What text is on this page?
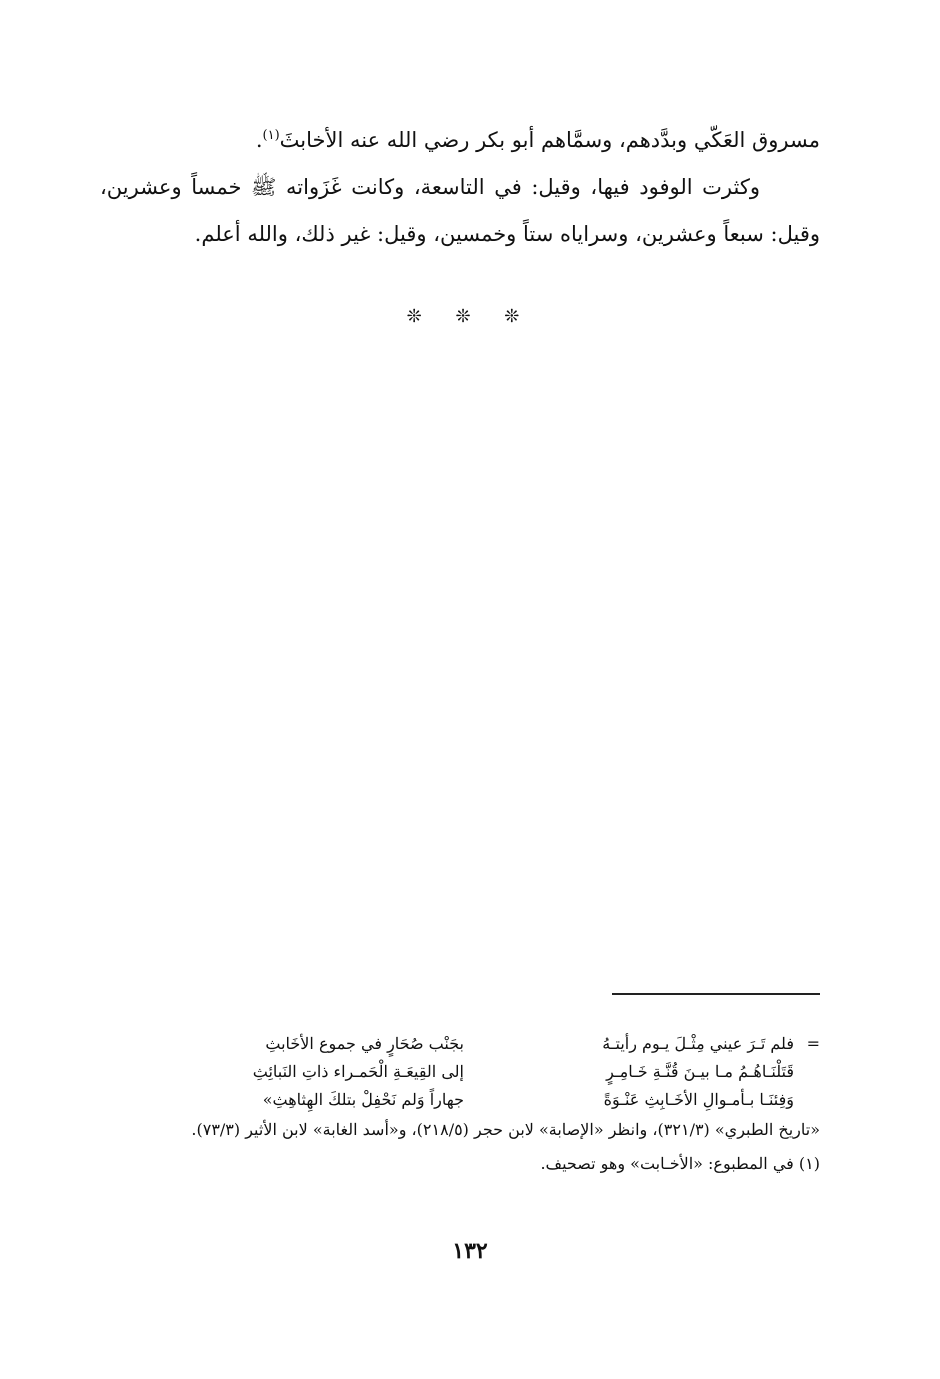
مسروق العَكّي وبدَّدهم، وسمَّاهم أبو بكر رضي الله عنه الأخابثَ$^{(١)}$.

وكثرت الوفود فيها، وقيل: في التاسعة، وكانت غَزَواته ﷺ خمساً وعشرين، وقيل: سبعاً وعشرين، وسراياه ستاً وخمسين، وقيل: غير ذلك، والله أعلم.

❊ ❊ ❊
=
فلم تَـرَ عيني مِثْـلَ يـوم رأيتـهُ
بجَنْب صُحَارٍ في جموع الأخَابثِ
قَتَلْنَـاهُـمُ مـا بيـنَ قُنَّـةِ خَـامِـرٍ
إلى القِيعَـةِ الْحَمـراء ذاتِ النَبائِثِ
وَفِئنَـا بـأمـوالِ الأخَـابِثِ عَنْـوَةً
جهاراً وَلم نَحْفِلْ بتلكَ الهِثاهِثِ»

«تاريخ الطبري» (٣٢١/٣)، وانظر «الإصابة» لابن حجر (٢١٨/٥)، و«أسد الغابة» لابن الأثير (٧٣/٣).

(١) في المطبوع: «الأخـابت» وهو تصحيف.

١٣٢
